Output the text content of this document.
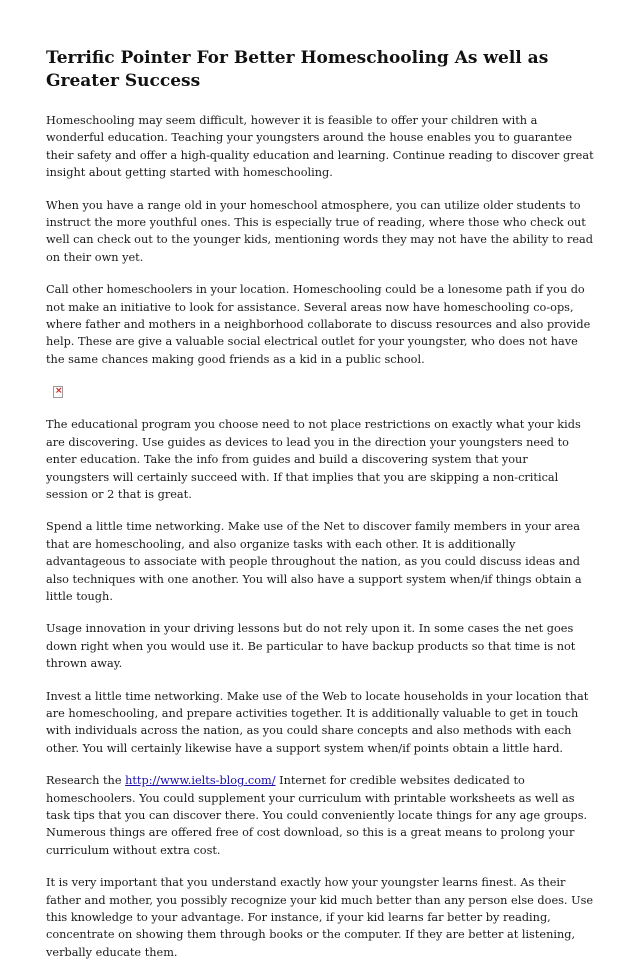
Terrific Pointer For Better Homeschooling As well as Greater Success

Homeschooling may seem difficult, however it is feasible to offer your children with a wonderful education. Teaching your youngsters around the house enables you to guarantee their safety and offer a high-quality education and learning. Continue reading to discover great insight about getting started with homeschooling.

When you have a range old in your homeschool atmosphere, you can utilize older students to instruct the more youthful ones. This is especially true of reading, where those who check out well can check out to the younger kids, mentioning words they may not have the ability to read on their own yet.

Call other homeschoolers in your location. Homeschooling could be a lonesome path if you do not make an initiative to look for assistance. Several areas now have homeschooling co-ops, where father and mothers in a neighborhood collaborate to discuss resources and also provide help. These are give a valuable social electrical outlet for your youngster, who does not have the same chances making good friends as a kid in a public school.

×

The educational program you choose need to not place restrictions on exactly what your kids are discovering. Use guides as devices to lead you in the direction your youngsters need to enter education. Take the info from guides and build a discovering system that your youngsters will certainly succeed with. If that implies that you are skipping a non-critical session or 2 that is great.

Spend a little time networking. Make use of the Net to discover family members in your area that are homeschooling, and also organize tasks with each other. It is additionally advantageous to associate with people throughout the nation, as you could discuss ideas and also techniques with one another. You will also have a support system when/if things obtain a little tough.

Usage innovation in your driving lessons but do not rely upon it. In some cases the net goes down right when you would use it. Be particular to have backup products so that time is not thrown away.

Invest a little time networking. Make use of the Web to locate households in your location that are homeschooling, and prepare activities together. It is additionally valuable to get in touch with individuals across the nation, as you could share concepts and also methods with each other. You will certainly likewise have a support system when/if points obtain a little hard.

Research the http://www.ielts-blog.com/ Internet for credible websites dedicated to homeschoolers. You could supplement your curriculum with printable worksheets as well as task tips that you can discover there. You could conveniently locate things for any age groups. Numerous things are offered free of cost download, so this is a great means to prolong your curriculum without extra cost.

It is very important that you understand exactly how your youngster learns finest. As their father and mother, you possibly recognize your kid much better than any person else does. Use this knowledge to your advantage. For instance, if your kid learns far better by reading, concentrate on showing them through books or the computer. If they are better at listening, verbally educate them.
